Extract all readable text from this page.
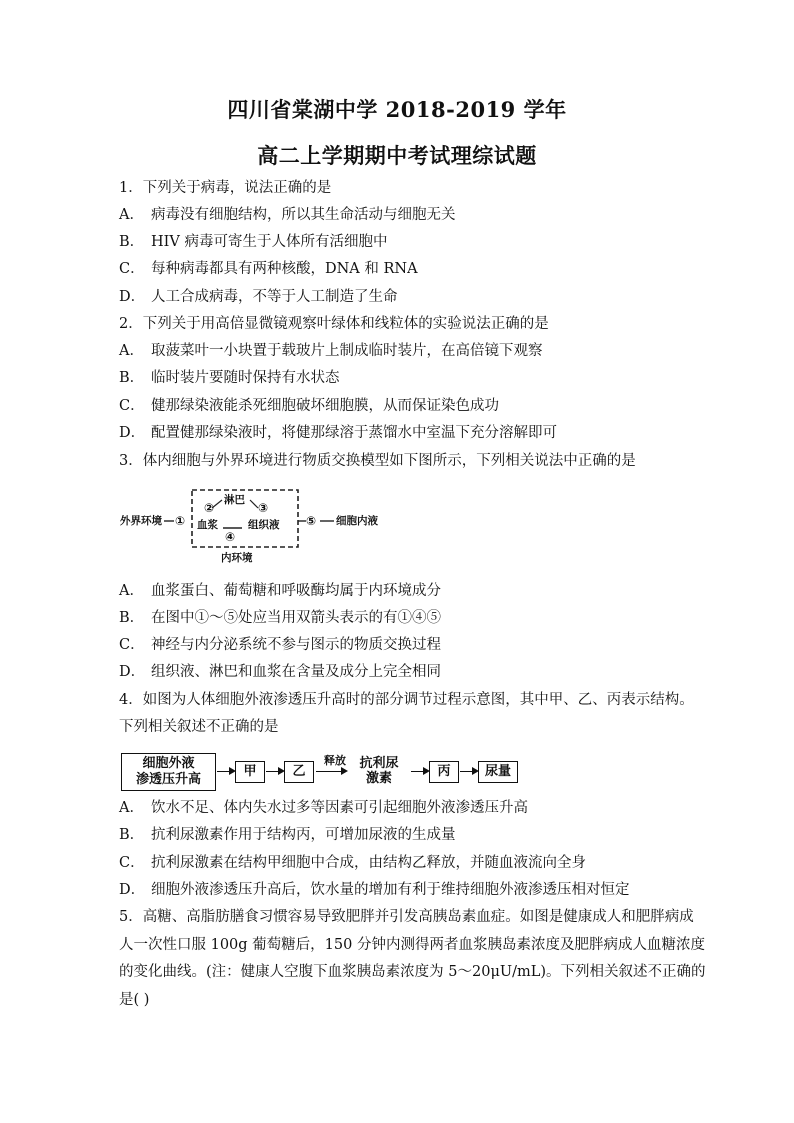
四川省棠湖中学 2018-2019 学年
高二上学期期中考试理综试题
1．下列关于病毒，说法正确的是
A． 病毒没有细胞结构，所以其生命活动与细胞无关
B． HIV 病毒可寄生于人体所有活细胞中
C． 每种病毒都具有两种核酸，DNA 和 RNA
D． 人工合成病毒，不等于人工制造了生命
2．下列关于用高倍显微镜观察叶绿体和线粒体的实验说法正确的是
A． 取菠菜叶一小块置于载玻片上制成临时装片，在高倍镜下观察
B． 临时装片要随时保持有水状态
C． 健那绿染液能杀死细胞破坏细胞膜，从而保证染色成功
D． 配置健那绿染液时，将健那绿溶于蒸馏水中室温下充分溶解即可
3．体内细胞与外界环境进行物质交换模型如下图所示，下列相关说法中正确的是
外界环境 ① 血浆
②
淋巴
③
④
组织液 ⑤ 细胞内液
内环境
A． 血浆蛋白、葡萄糖和呼吸酶均属于内环境成分
B． 在图中①～⑤处应当用双箭头表示的有①④⑤
C． 神经与内分泌系统不参与图示的物质交换过程
D． 组织液、淋巴和血浆在含量及成分上完全相同
4．如图为人体细胞外液渗透压升高时的部分调节过程示意图，其中甲、乙、丙表示结构。
下列相关叙述不正确的是
细胞外液
渗透压升高
甲	乙
释放	抗利尿
激素	丙	尿量
A． 饮水不足、体内失水过多等因素可引起细胞外液渗透压升高
B． 抗利尿激素作用于结构丙，可增加尿液的生成量
C． 抗利尿激素在结构甲细胞中合成，由结构乙释放，并随血液流向全身
D． 细胞外液渗透压升高后，饮水量的增加有利于维持细胞外液渗透压相对恒定
5．高糖、高脂肪膳食习惯容易导致肥胖并引发高胰岛素血症。如图是健康成人和肥胖病成
人一次性口服 100g 葡萄糖后，150 分钟内测得两者血浆胰岛素浓度及肥胖病成人血糖浓度
的变化曲线。(注：健康人空腹下血浆胰岛素浓度为 5～20μU/mL)。下列相关叙述不正确的
是( )
